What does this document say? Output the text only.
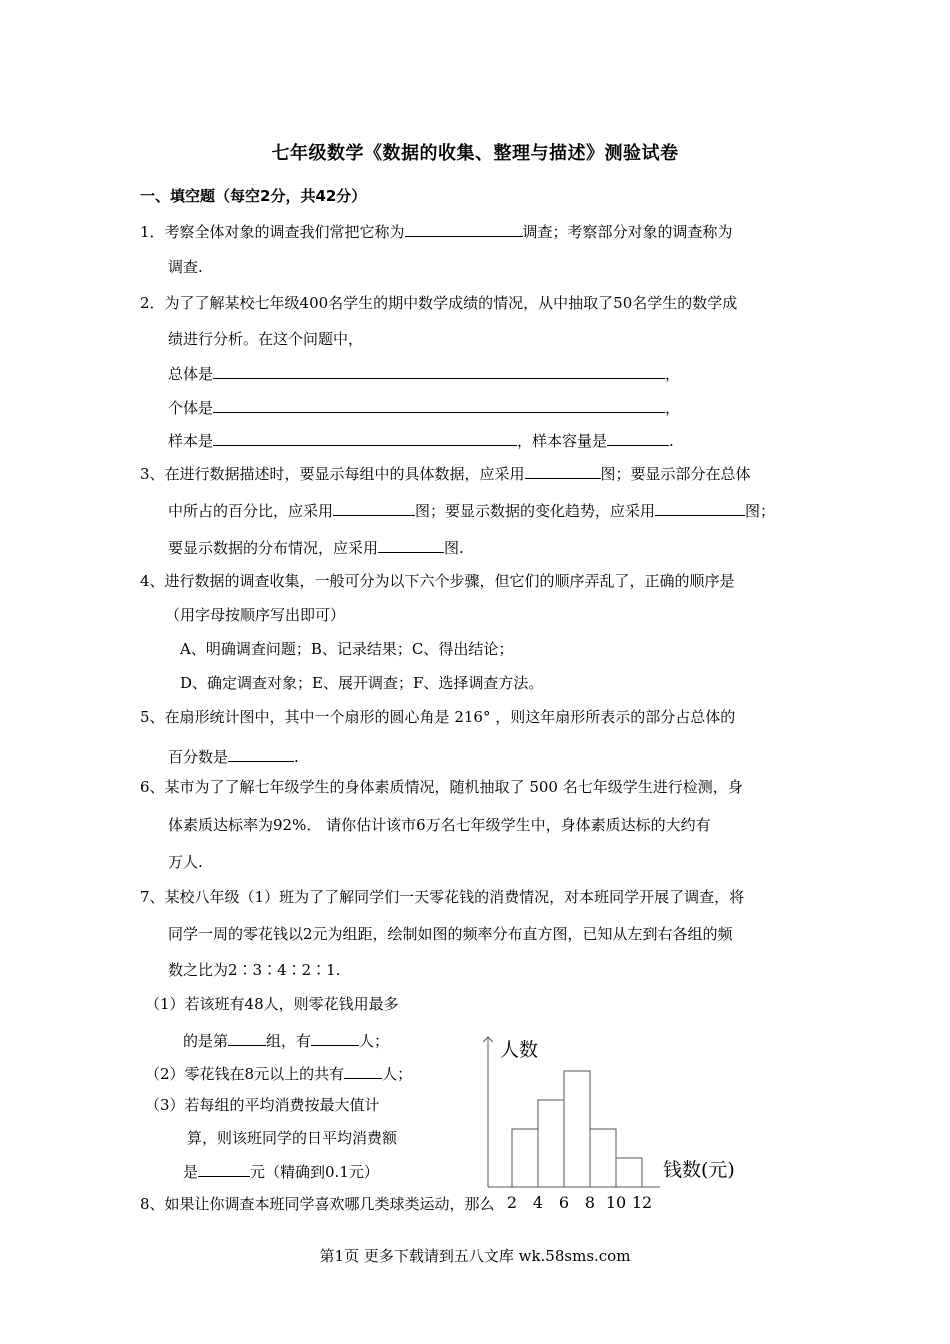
七年级数学《数据的收集、整理与描述》测验试卷
一、填空题（每空2分，共42分）
1．考察全体对象的调查我们常把它称为	调查；考察部分对象的调查称为
调查.
2．为了了解某校七年级400名学生的期中数学成绩的情况，从中抽取了50名学生的数学成
绩进行分析。在这个问题中，
总体是	，
个体是	，
样本是	，样本容量是	.
3、在进行数据描述时，要显示每组中的具体数据，应采用	图；要显示部分在总体
中所占的百分比，应采用	图；要显示数据的变化趋势，应采用	图；
要显示数据的分布情况，应采用	图.
4、进行数据的调查收集，一般可分为以下六个步骤，但它们的顺序弄乱了，正确的顺序是
（用字母按顺序写出即可）
A、明确调查问题；B、记录结果；C、得出结论；
D、确定调查对象；E、展开调查；F、选择调查方法。
5、在扇形统计图中，其中一个扇形的圆心角是 216° ，则这年扇形所表示的部分占总体的
百分数是	.
6、某市为了了解七年级学生的身体素质情况，随机抽取了 500 名七年级学生进行检测，身
体素质达标率为92%． 请你估计该市6万名七年级学生中，身体素质达标的大约有
万人.
7、某校八年级（1）班为了了解同学们一天零花钱的消费情况，对本班同学开展了调查，将
同学一周的零花钱以2元为组距，绘制如图的频率分布直方图，已知从左到右各组的频
数之比为2∶3∶4∶2∶1.
（1）若该班有48人，则零花钱用最多
的是第	组，有	人；
（2）零花钱在8元以上的共有	人；
（3）若每组的平均消费按最大值计
算，则该班同学的日平均消费额
是	元（精确到0.1元）
8、如果让你调查本班同学喜欢哪几类球类运动，那么
人数
钱数(元)
2 4 6 8 10 12
第1页 更多下载请到五八文库 wk.58sms.com
